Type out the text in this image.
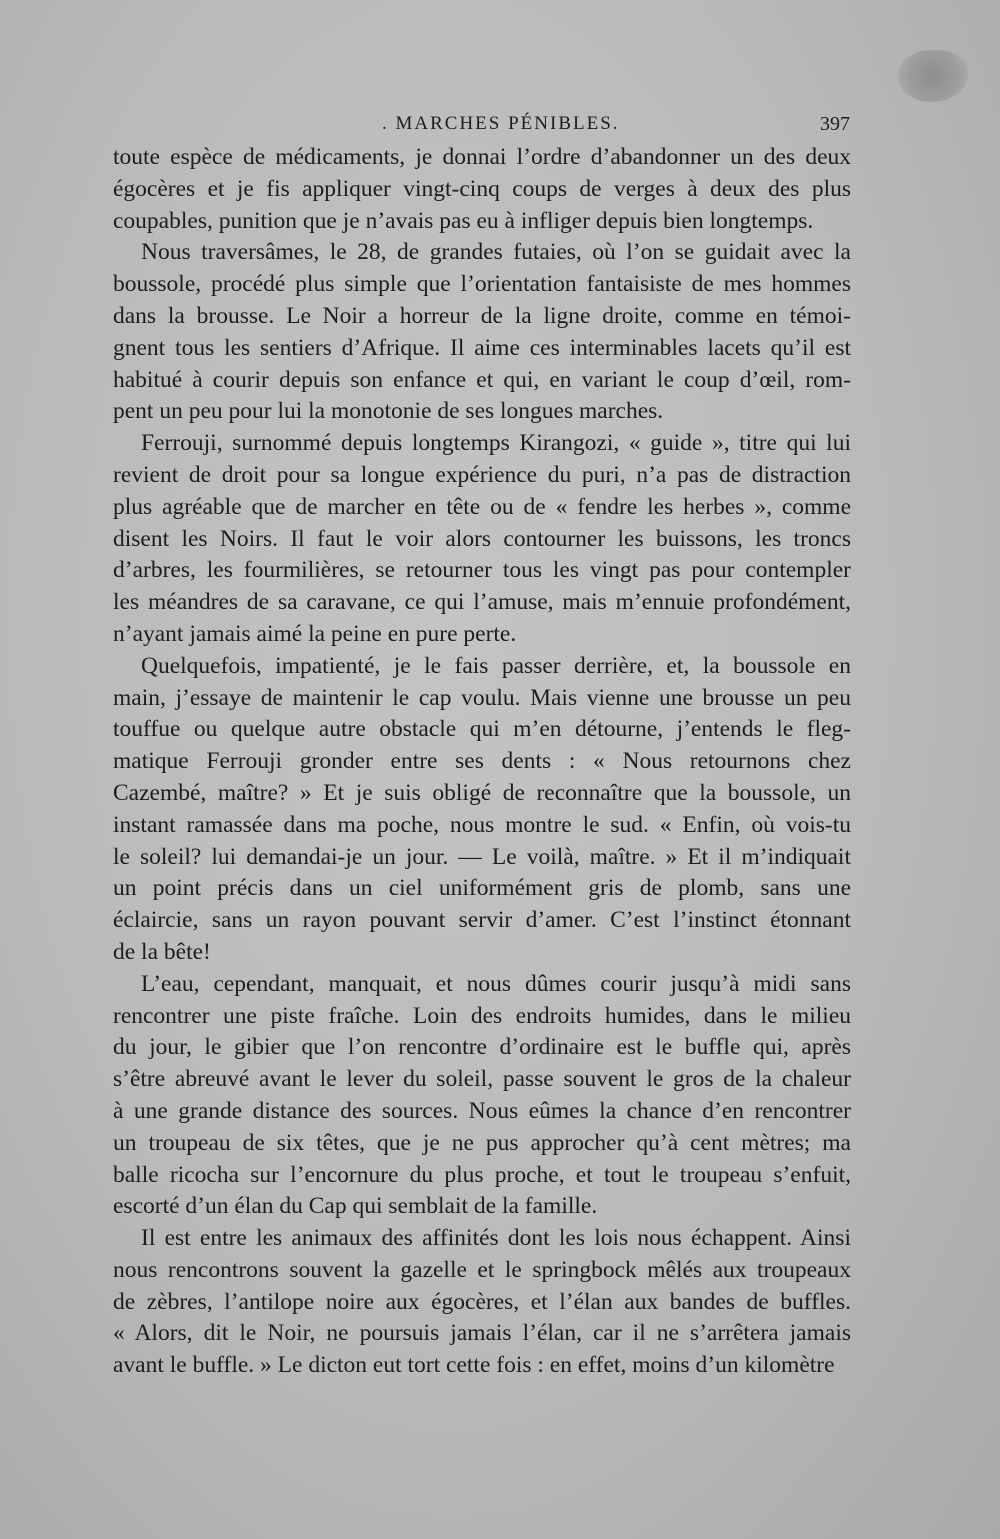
. MARCHES PÉNIBLES.	397
toute espèce de médicaments, je donnai l’ordre d’abandonner un des deux
égocères et je fis appliquer vingt-cinq coups de verges à deux des plus
coupables, punition que je n’avais pas eu à infliger depuis bien longtemps.
Nous traversâmes, le 28, de grandes futaies, où l’on se guidait avec la
boussole, procédé plus simple que l’orientation fantaisiste de mes hommes
dans la brousse. Le Noir a horreur de la ligne droite, comme en témoi-
gnent tous les sentiers d’Afrique. Il aime ces interminables lacets qu’il est
habitué à courir depuis son enfance et qui, en variant le coup d’œil, rom-
pent un peu pour lui la monotonie de ses longues marches.
Ferrouji, surnommé depuis longtemps Kirangozi, « guide », titre qui lui
revient de droit pour sa longue expérience du puri, n’a pas de distraction
plus agréable que de marcher en tête ou de « fendre les herbes », comme
disent les Noirs. Il faut le voir alors contourner les buissons, les troncs
d’arbres, les fourmilières, se retourner tous les vingt pas pour contempler
les méandres de sa caravane, ce qui l’amuse, mais m’ennuie profondément,
n’ayant jamais aimé la peine en pure perte.
Quelquefois, impatienté, je le fais passer derrière, et, la boussole en
main, j’essaye de maintenir le cap voulu. Mais vienne une brousse un peu
touffue ou quelque autre obstacle qui m’en détourne, j’entends le fleg-
matique Ferrouji gronder entre ses dents : « Nous retournons chez
Cazembé, maître? » Et je suis obligé de reconnaître que la boussole, un
instant ramassée dans ma poche, nous montre le sud. « Enfin, où vois-tu
le soleil? lui demandai-je un jour. — Le voilà, maître. » Et il m’indiquait
un point précis dans un ciel uniformément gris de plomb, sans une
éclaircie, sans un rayon pouvant servir d’amer. C’est l’instinct étonnant
de la bête!
L’eau, cependant, manquait, et nous dûmes courir jusqu’à midi sans
rencontrer une piste fraîche. Loin des endroits humides, dans le milieu
du jour, le gibier que l’on rencontre d’ordinaire est le buffle qui, après
s’être abreuvé avant le lever du soleil, passe souvent le gros de la chaleur
à une grande distance des sources. Nous eûmes la chance d’en rencontrer
un troupeau de six têtes, que je ne pus approcher qu’à cent mètres; ma
balle ricocha sur l’encornure du plus proche, et tout le troupeau s’enfuit,
escorté d’un élan du Cap qui semblait de la famille.
Il est entre les animaux des affinités dont les lois nous échappent. Ainsi
nous rencontrons souvent la gazelle et le springbock mêlés aux troupeaux
de zèbres, l’antilope noire aux égocères, et l’élan aux bandes de buffles.
« Alors, dit le Noir, ne poursuis jamais l’élan, car il ne s’arrêtera jamais
avant le buffle. » Le dicton eut tort cette fois : en effet, moins d’un kilomètre
